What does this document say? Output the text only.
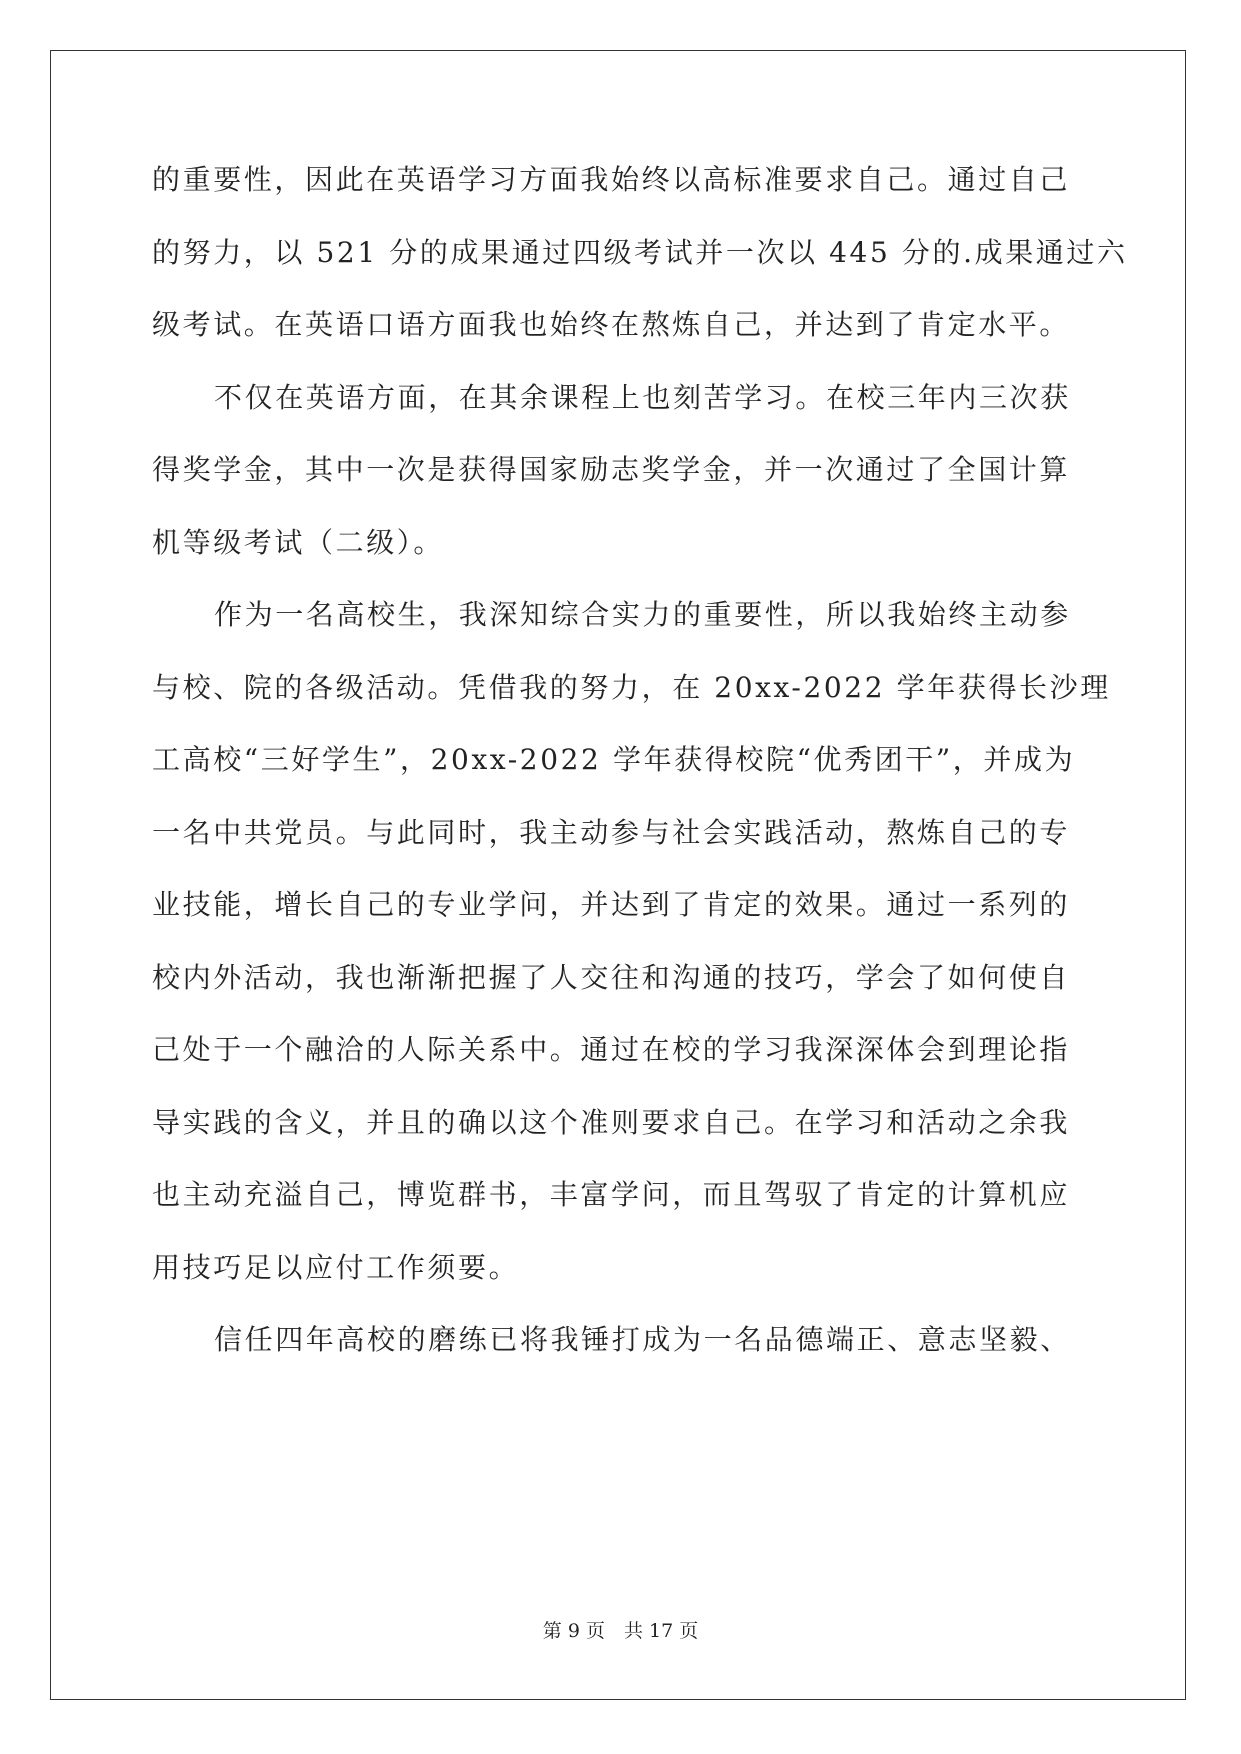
的重要性，因此在英语学习方面我始终以高标准要求自己。通过自己
的努力，以 521 分的成果通过四级考试并一次以 445 分的.成果通过六
级考试。在英语口语方面我也始终在熬炼自己，并达到了肯定水平。
不仅在英语方面，在其余课程上也刻苦学习。在校三年内三次获
得奖学金，其中一次是获得国家励志奖学金，并一次通过了全国计算
机等级考试（二级）。
作为一名高校生，我深知综合实力的重要性，所以我始终主动参
与校、院的各级活动。凭借我的努力，在 20xx-2022 学年获得长沙理
工高校“三好学生”，20xx-2022 学年获得校院“优秀团干”，并成为
一名中共党员。与此同时，我主动参与社会实践活动，熬炼自己的专
业技能，增长自己的专业学问，并达到了肯定的效果。通过一系列的
校内外活动，我也渐渐把握了人交往和沟通的技巧，学会了如何使自
己处于一个融洽的人际关系中。通过在校的学习我深深体会到理论指
导实践的含义，并且的确以这个准则要求自己。在学习和活动之余我
也主动充溢自己，博览群书，丰富学问，而且驾驭了肯定的计算机应
用技巧足以应付工作须要。
信任四年高校的磨练已将我锤打成为一名品德端正、意志坚毅、
第 9 页　共 17 页
